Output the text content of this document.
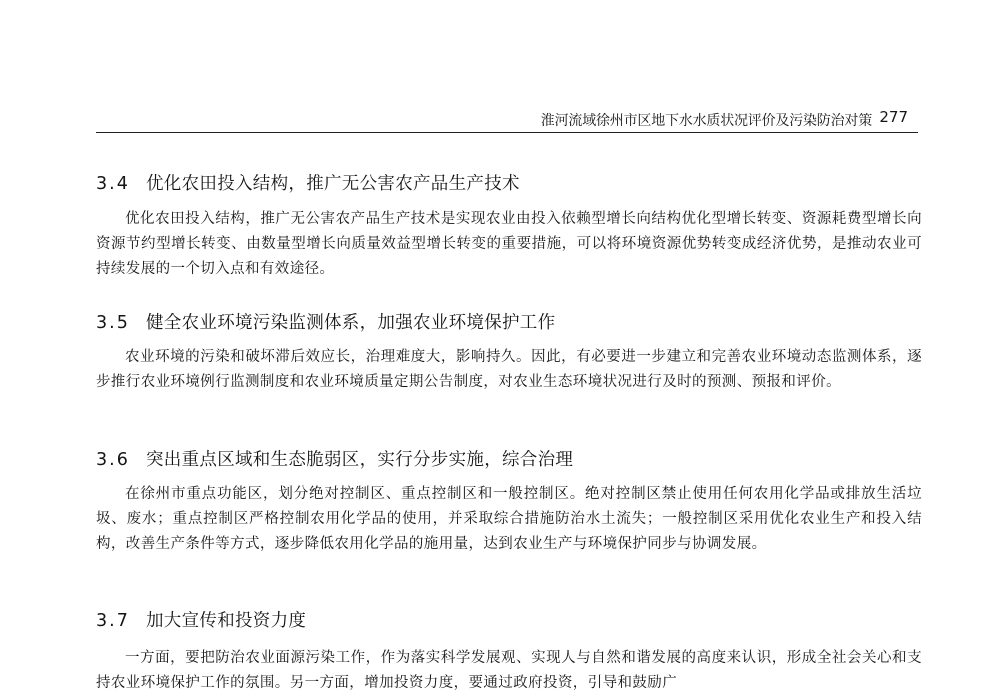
淮河流域徐州市区地下水水质状况评价及污染防治对策 277
3.4 优化农田投入结构，推广无公害农产品生产技术

优化农田投入结构，推广无公害农产品生产技术是实现农业由投入依赖型增长向结构优化型增长转变、资源耗费型增长向资源节约型增长转变、由数量型增长向质量效益型增长转变的重要措施，可以将环境资源优势转变成经济优势，是推动农业可持续发展的一个切入点和有效途径。

3.5 健全农业环境污染监测体系，加强农业环境保护工作

农业环境的污染和破坏滞后效应长，治理难度大，影响持久。因此，有必要进一步建立和完善农业环境动态监测体系，逐步推行农业环境例行监测制度和农业环境质量定期公告制度，对农业生态环境状况进行及时的预测、预报和评价。

3.6 突出重点区域和生态脆弱区，实行分步实施，综合治理

在徐州市重点功能区，划分绝对控制区、重点控制区和一般控制区。绝对控制区禁止使用任何农用化学品或排放生活垃圾、废水；重点控制区严格控制农用化学品的使用，并采取综合措施防治水土流失；一般控制区采用优化农业生产和投入结构，改善生产条件等方式，逐步降低农用化学品的施用量，达到农业生产与环境保护同步与协调发展。

3.7 加大宣传和投资力度

一方面，要把防治农业面源污染工作，作为落实科学发展观、实现人与自然和谐发展的高度来认识，形成全社会关心和支持农业环境保护工作的氛围。另一方面，增加投资力度，要通过政府投资，引导和鼓励广
